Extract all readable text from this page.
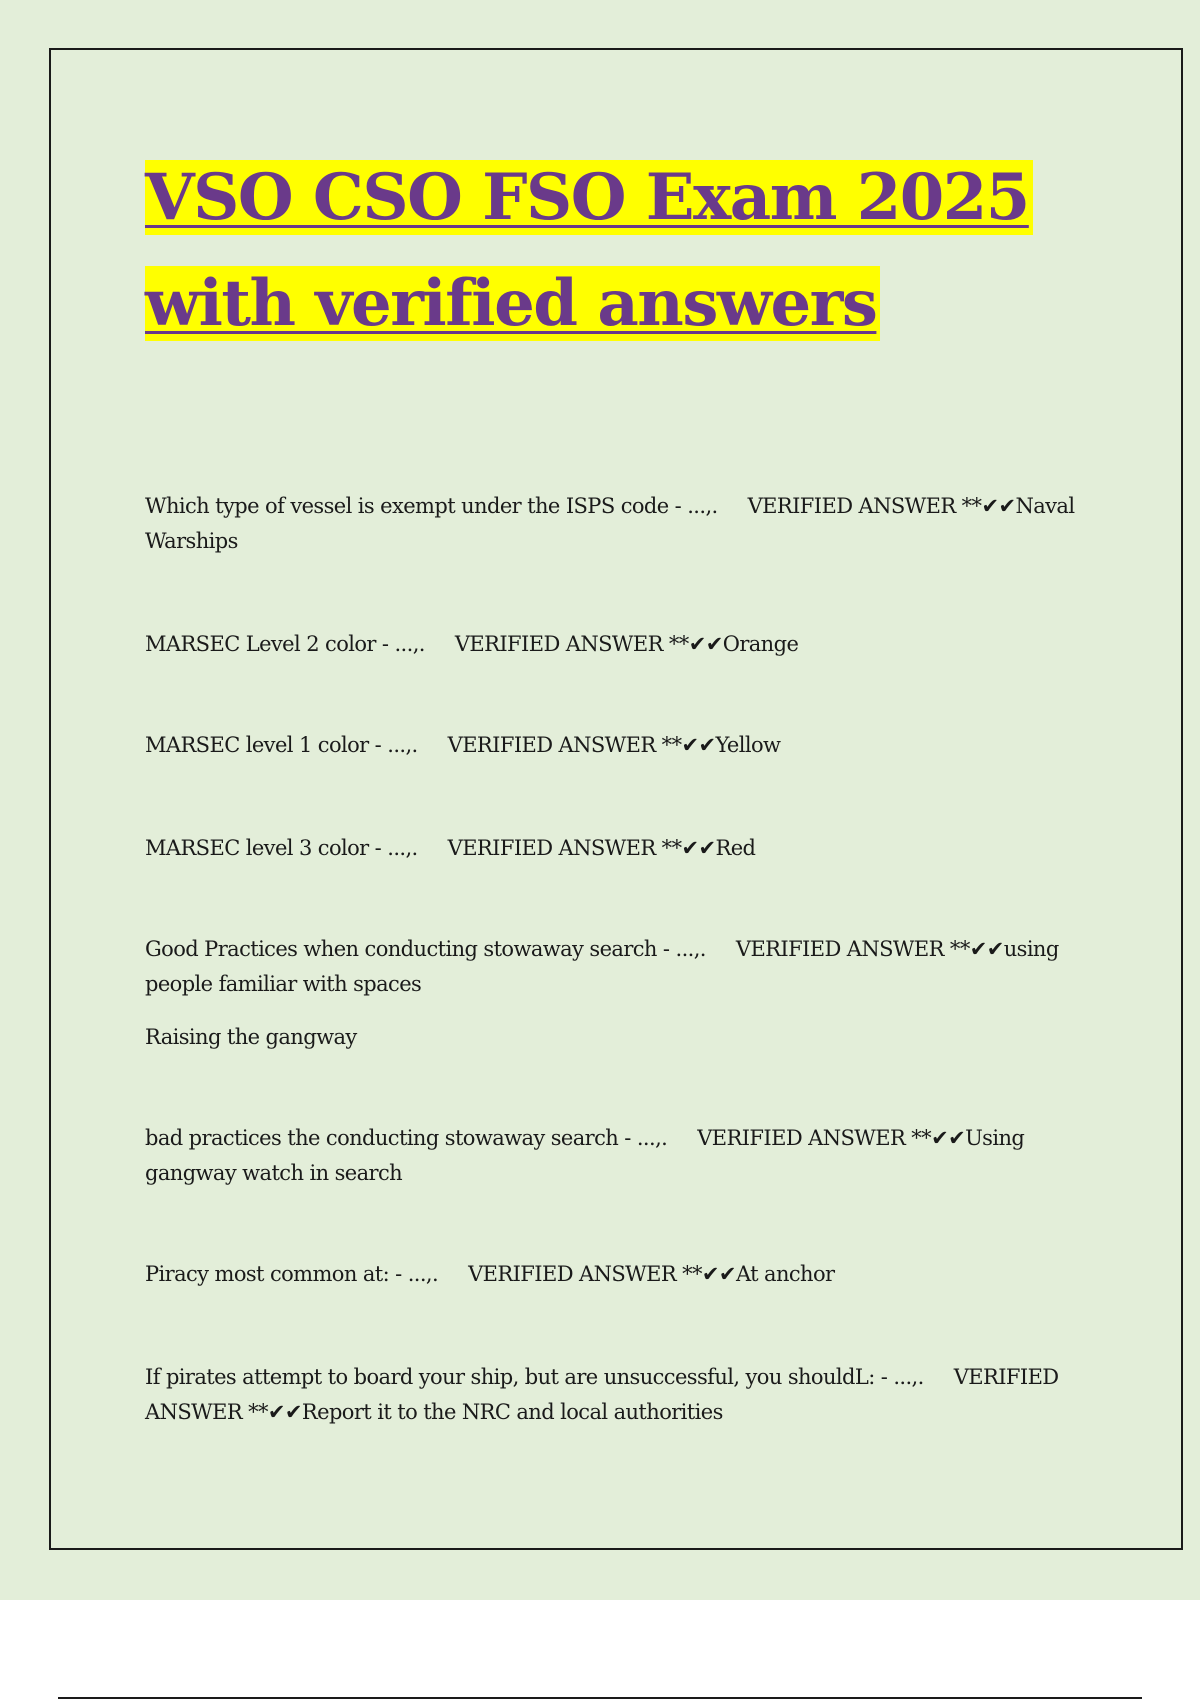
VSO CSO FSO Exam 2025
with verified answers

Which type of vessel is exempt under the ISPS code - ...,. VERIFIED ANSWER **✔✔Naval Warships

MARSEC Level 2 color - ...,. VERIFIED ANSWER **✔✔Orange

MARSEC level 1 color - ...,. VERIFIED ANSWER **✔✔Yellow

MARSEC level 3 color - ...,. VERIFIED ANSWER **✔✔Red

Good Practices when conducting stowaway search - ...,. VERIFIED ANSWER **✔✔using people familiar with spaces

Raising the gangway

bad practices the conducting stowaway search - ...,. VERIFIED ANSWER **✔✔Using gangway watch in search

Piracy most common at: - ...,. VERIFIED ANSWER **✔✔At anchor

If pirates attempt to board your ship, but are unsuccessful, you shouldL: - ...,. VERIFIED ANSWER **✔✔Report it to the NRC and local authorities
